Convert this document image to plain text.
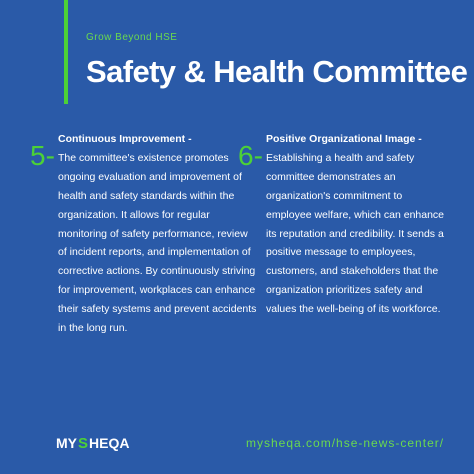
Grow Beyond HSE
Safety & Health Committee
5-
Continuous Improvement -
The committee's existence promotes ongoing evaluation and improvement of health and safety standards within the organization. It allows for regular monitoring of safety performance, review of incident reports, and implementation of corrective actions. By continuously striving for improvement, workplaces can enhance their safety systems and prevent accidents in the long run.
6-
Positive Organizational Image -
Establishing a health and safety committee demonstrates an organization's commitment to employee welfare, which can enhance its reputation and credibility. It sends a positive message to employees, customers, and stakeholders that the organization prioritizes safety and values the well-being of its workforce.
MY S HEQA	mysheqa.com/hse-news-center/
